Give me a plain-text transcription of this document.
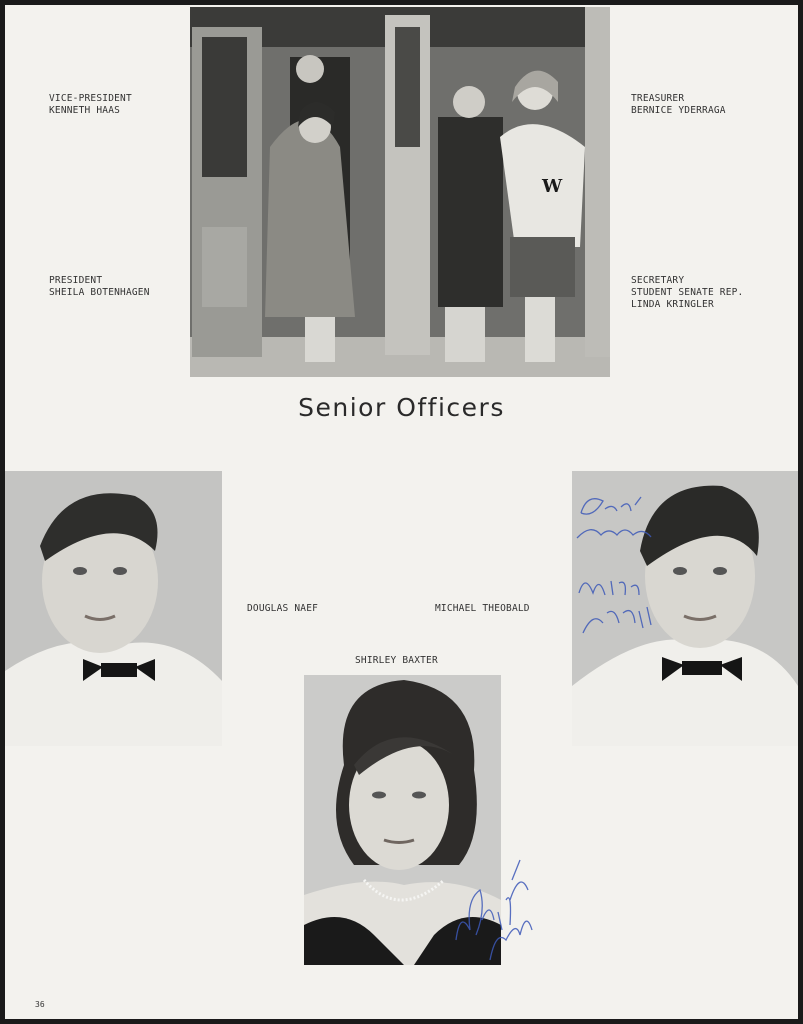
W
VICE-PRESIDENT
KENNETH HAAS
PRESIDENT
SHEILA BOTENHAGEN
TREASURER
BERNICE YDERRAGA
SECRETARY
STUDENT SENATE REP.
LINDA KRINGLER
Senior Officers
DOUGLAS NAEF	MICHAEL THEOBALD
SHIRLEY BAXTER
36
